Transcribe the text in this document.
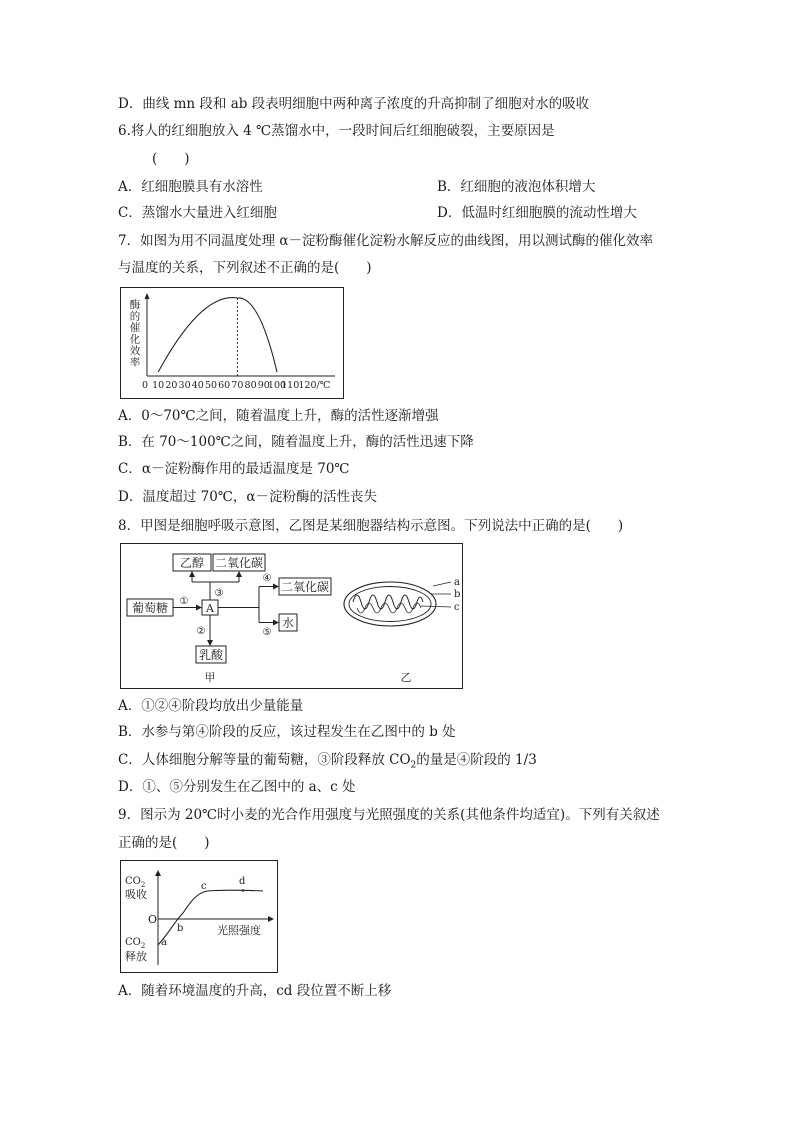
D．曲线 mn 段和 ab 段表明细胞中两种离子浓度的升高抑制了细胞对水的吸收
6.将人的红细胞放入 4 ℃蒸馏水中，一段时间后红细胞破裂，主要原因是
(　　)
A．红细胞膜具有水溶性	B．红细胞的液泡体积增大
C．蒸馏水大量进入红细胞	D．低温时红细胞膜的流动性增大
7．如图为用不同温度处理 α－淀粉酶催化淀粉水解反应的曲线图，用以测试酶的催化效率
与温度的关系，下列叙述不正确的是(　　)
酶
的
催
化
效
率
0 10 20 30 40 50 60 70 80 90
100
110 120/℃
A．0～70℃之间，随着温度上升，酶的活性逐渐增强
B．在 70～100℃之间，随着温度上升，酶的活性迅速下降
C．α－淀粉酶作用的最适温度是 70℃
D．温度超过 70℃，α－淀粉酶的活性丧失
8．甲图是细胞呼吸示意图，乙图是某细胞器结构示意图。下列说法中正确的是(　　)
乙醇 二氧化碳
葡萄糖	A
二氧化碳
水
乳酸
①
③
②
④
⑤
甲
a
b
c
乙
A．①②④阶段均放出少量能量
B．水参与第④阶段的反应，该过程发生在乙图中的 b 处
C．人体细胞分解等量的葡萄糖，③阶段释放 $CO_2$的量是④阶段的 1/3
D．①、⑤分别发生在乙图中的 a、c 处
9．图示为 20℃时小麦的光合作用强度与光照强度的关系(其他条件均适宜)。下列有关叙述
正确的是(　　)
$CO_2$
吸收
O
$CO_2$
释放
光照强度
a
b
c	d
A．随着环境温度的升高，cd 段位置不断上移
